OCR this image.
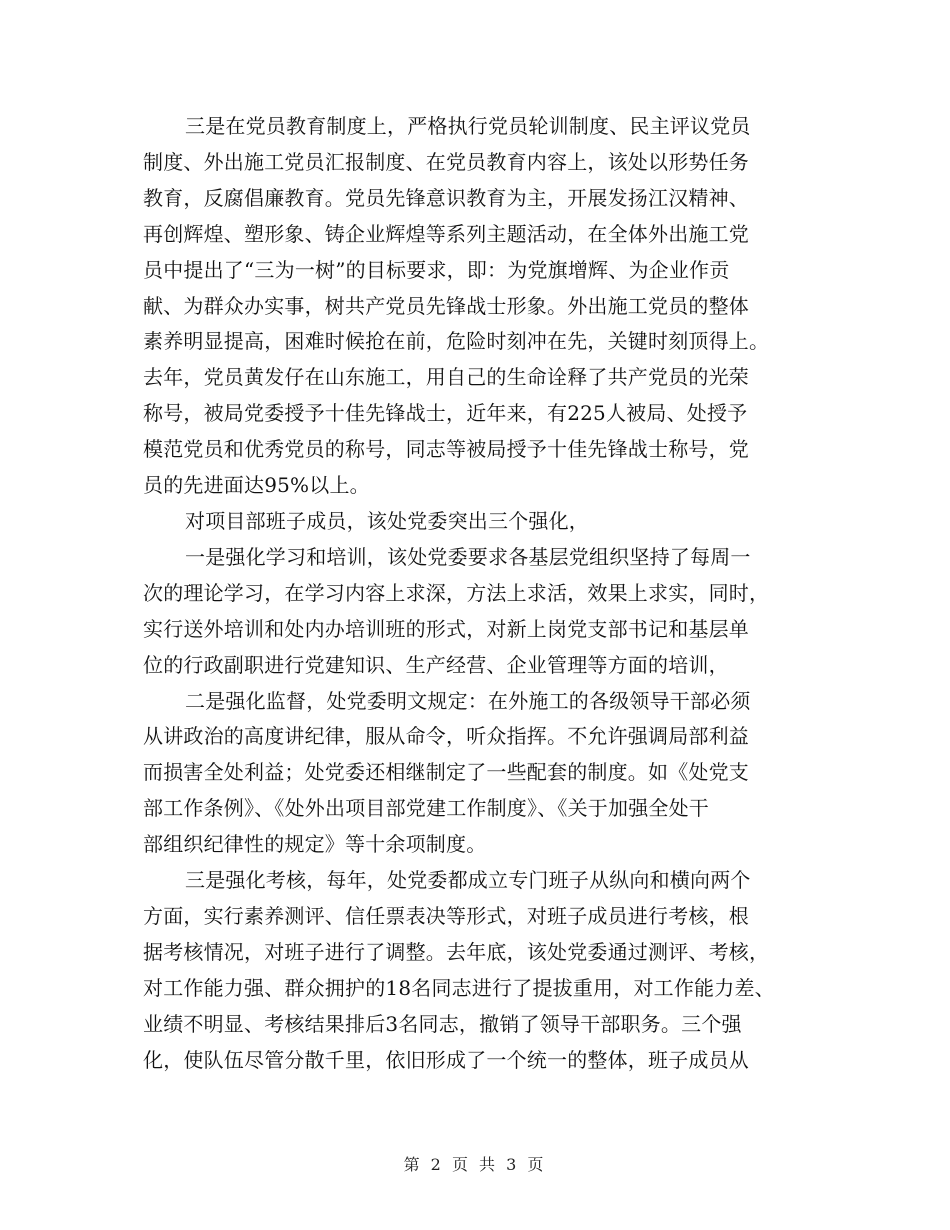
三是在党员教育制度上，严格执行党员轮训制度、民主评议党员
制度、外出施工党员汇报制度、在党员教育内容上，该处以形势任务
教育，反腐倡廉教育。党员先锋意识教育为主，开展发扬江汉精神、
再创辉煌、塑形象、铸企业辉煌等系列主题活动，在全体外出施工党
员中提出了“三为一树”的目标要求，即：为党旗增辉、为企业作贡
献、为群众办实事，树共产党员先锋战士形象。外出施工党员的整体
素养明显提高，困难时候抢在前，危险时刻冲在先，关键时刻顶得上。
去年，党员黄发仔在山东施工，用自己的生命诠释了共产党员的光荣
称号，被局党委授予十佳先锋战士，近年来，有225人被局、处授予
模范党员和优秀党员的称号，同志等被局授予十佳先锋战士称号，党
员的先进面达95%以上。
对项目部班子成员，该处党委突出三个强化，
一是强化学习和培训，该处党委要求各基层党组织坚持了每周一
次的理论学习，在学习内容上求深，方法上求活，效果上求实，同时，
实行送外培训和处内办培训班的形式，对新上岗党支部书记和基层单
位的行政副职进行党建知识、生产经营、企业管理等方面的培训，
二是强化监督，处党委明文规定：在外施工的各级领导干部必须
从讲政治的高度讲纪律，服从命令，听众指挥。不允许强调局部利益
而损害全处利益；处党委还相继制定了一些配套的制度。如《处党支
部工作条例》、《处外出项目部党建工作制度》、《关于加强全处干
部组织纪律性的规定》等十余项制度。
三是强化考核，每年，处党委都成立专门班子从纵向和横向两个
方面，实行素养测评、信任票表决等形式，对班子成员进行考核，根
据考核情况，对班子进行了调整。去年底，该处党委通过测评、考核，
对工作能力强、群众拥护的18名同志进行了提拔重用，对工作能力差、
业绩不明显、考核结果排后3名同志，撤销了领导干部职务。三个强
化，使队伍尽管分散千里，依旧形成了一个统一的整体，班子成员从
第 2 页 共 3 页
